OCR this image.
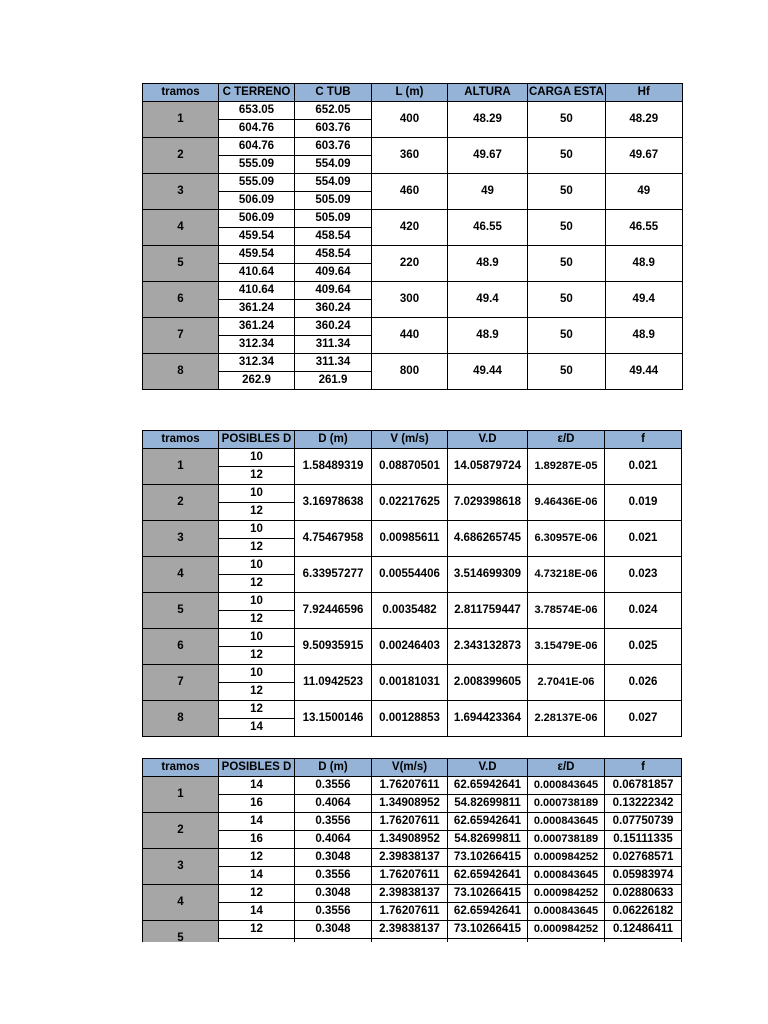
tramos	C TERRENO	C TUB	L (m)	ALTURA	CARGA ESTA	Hf
1	653.05	652.05	400	48.29	50	48.29
	604.76	603.76				
2	604.76	603.76	360	49.67	50	49.67
	555.09	554.09				
3	555.09	554.09	460	49	50	49
	506.09	505.09				
4	506.09	505.09	420	46.55	50	46.55
	459.54	458.54				
5	459.54	458.54	220	48.9	50	48.9
	410.64	409.64				
6	410.64	409.64	300	49.4	50	49.4
	361.24	360.24				
7	361.24	360.24	440	48.9	50	48.9
	312.34	311.34				
8	312.34	311.34	800	49.44	50	49.44
	262.9	261.9				
tramos	POSIBLES D	D (m)	V (m/s)	V.D	ε/D	f
1	10	1.58489319	0.08870501	14.05879724	1.89287E-05	0.021
	12					
2	10	3.16978638	0.02217625	7.029398618	9.46436E-06	0.019
	12					
3	10	4.75467958	0.00985611	4.686265745	6.30957E-06	0.021
	12					
4	10	6.33957277	0.00554406	3.514699309	4.73218E-06	0.023
	12					
5	10	7.92446596	0.0035482	2.811759447	3.78574E-06	0.024
	12					
6	10	9.50935915	0.00246403	2.343132873	3.15479E-06	0.025
	12					
7	10	11.0942523	0.00181031	2.008399605	2.7041E-06	0.026
	12					
8	12	13.1500146	0.00128853	1.694423364	2.28137E-06	0.027
	14					
tramos	POSIBLES D	D (m)	V(m/s)	V.D	ε/D	f
1	14	0.3556	1.76207611	62.65942641	0.000843645	0.06781857
	16	0.4064	1.34908952	54.82699811	0.000738189	0.13222342
2	14	0.3556	1.76207611	62.65942641	0.000843645	0.07750739
	16	0.4064	1.34908952	54.82699811	0.000738189	0.15111335
3	12	0.3048	2.39838137	73.10266415	0.000984252	0.02768571
	14	0.3556	1.76207611	62.65942641	0.000843645	0.05983974
4	12	0.3048	2.39838137	73.10266415	0.000984252	0.02880633
	14	0.3556	1.76207611	62.65942641	0.000843645	0.06226182
5	12	0.3048	2.39838137	73.10266415	0.000984252	0.12486411
